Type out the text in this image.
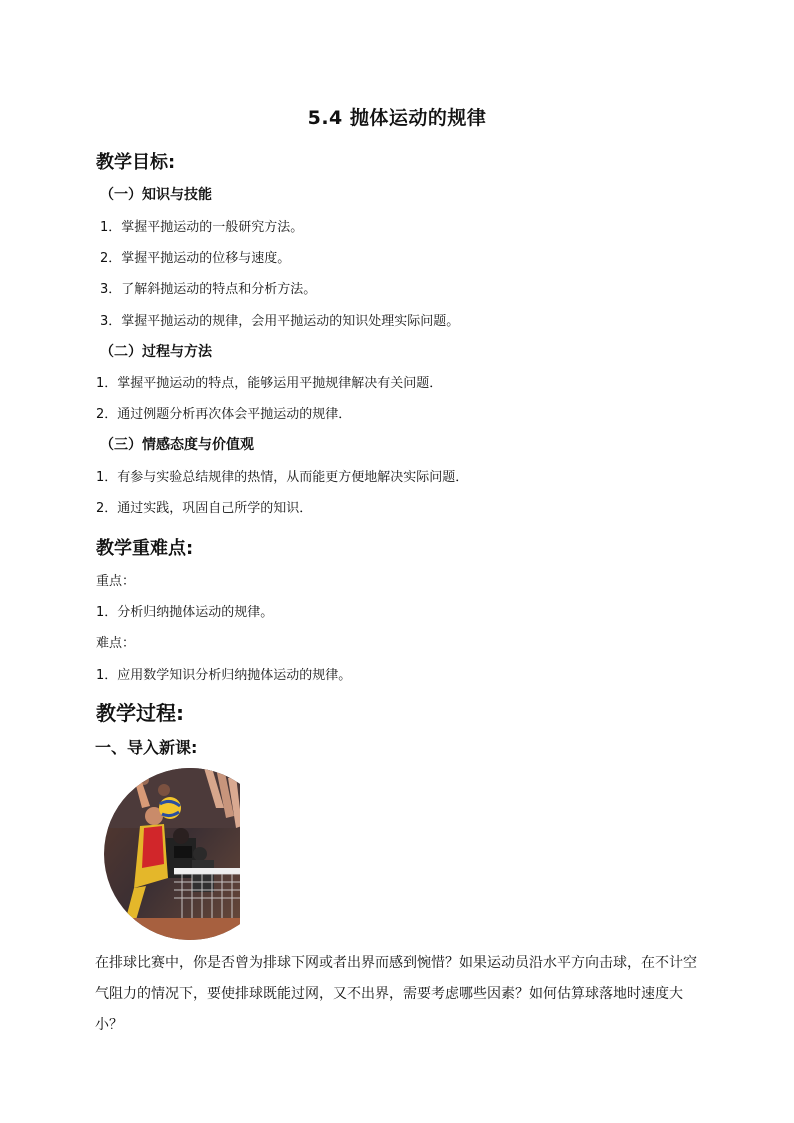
5.4 抛体运动的规律
教学目标:
（一）知识与技能
1．掌握平抛运动的一般研究方法。
2．掌握平抛运动的位移与速度。
3．了解斜抛运动的特点和分析方法。
3．掌握平抛运动的规律，会用平抛运动的知识处理实际问题。
（二）过程与方法
1．掌握平抛运动的特点，能够运用平抛规律解决有关问题．
2．通过例题分析再次体会平抛运动的规律．
（三）情感态度与价值观
1．有参与实验总结规律的热情，从而能更方便地解决实际问题．
2．通过实践，巩固自己所学的知识．
教学重难点:
重点：
1．分析归纳抛体运动的规律。
难点：
1．应用数学知识分析归纳抛体运动的规律。
教学过程:
一、导入新课:
在排球比赛中，你是否曾为排球下网或者出界而感到惋惜？如果运动员沿水平方向击球，在不计空气阻力的情况下，要使排球既能过网，又不出界，需要考虑哪些因素？如何估算球落地时速度大小？
